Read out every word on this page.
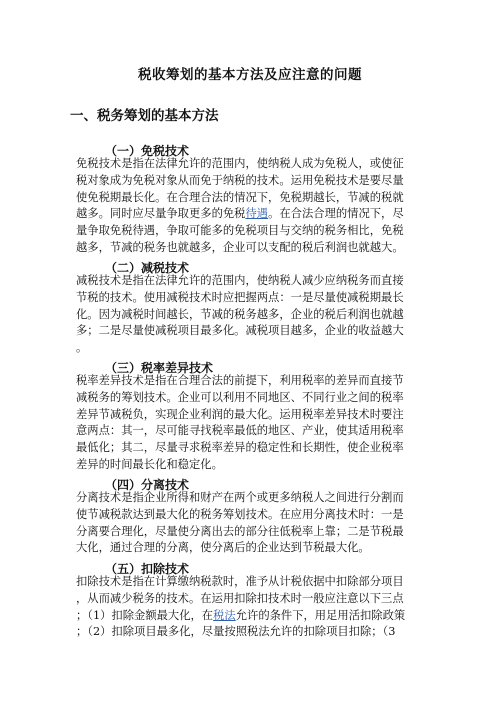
税收筹划的基本方法及应注意的问题
一、税务筹划的基本方法
（一）免税技术
免税技术是指在法律允许的范围内，使纳税人成为免税人，或使征
税对象成为免税对象从而免于纳税的技术。运用免税技术是要尽量
使免税期最长化。在合理合法的情况下，免税期越长，节减的税就
越多。同时应尽量争取更多的免税待遇。在合法合理的情况下，尽
量争取免税待遇，争取可能多的免税项目与交纳的税务相比，免税
越多，节减的税务也就越多，企业可以支配的税后利润也就越大。
（二）减税技术
减税技术是指在法律允许的范围内，使纳税人减少应纳税务而直接
节税的技术。使用减税技术时应把握两点：一是尽量使减税期最长
化。因为减税时间越长，节减的税务越多，企业的税后利润也就越
多；二是尽量使减税项目最多化。减税项目越多，企业的收益越大
。
（三）税率差异技术
税率差异技术是指在合理合法的前提下，利用税率的差异而直接节
减税务的筹划技术。企业可以利用不同地区、不同行业之间的税率
差异节减税负，实现企业利润的最大化。运用税率差异技术时要注
意两点：其一，尽可能寻找税率最低的地区、产业，使其适用税率
最低化；其二，尽量寻求税率差异的稳定性和长期性，使企业税率
差异的时间最长化和稳定化。
（四）分离技术
分离技术是指企业所得和财产在两个或更多纳税人之间进行分割而
使节减税款达到最大化的税务筹划技术。在应用分离技术时：一是
分离要合理化，尽量使分离出去的部分往低税率上靠；二是节税最
大化，通过合理的分离，使分离后的企业达到节税最大化。
（五）扣除技术
扣除技术是指在计算缴纳税款时，准予从计税依据中扣除部分项目
，从而减少税务的技术。在运用扣除扣技术时一般应注意以下三点
；（1）扣除金额最大化，在税法允许的条件下，用足用活扣除政策
；（2）扣除项目最多化，尽量按照税法允许的扣除项目扣除；（3
